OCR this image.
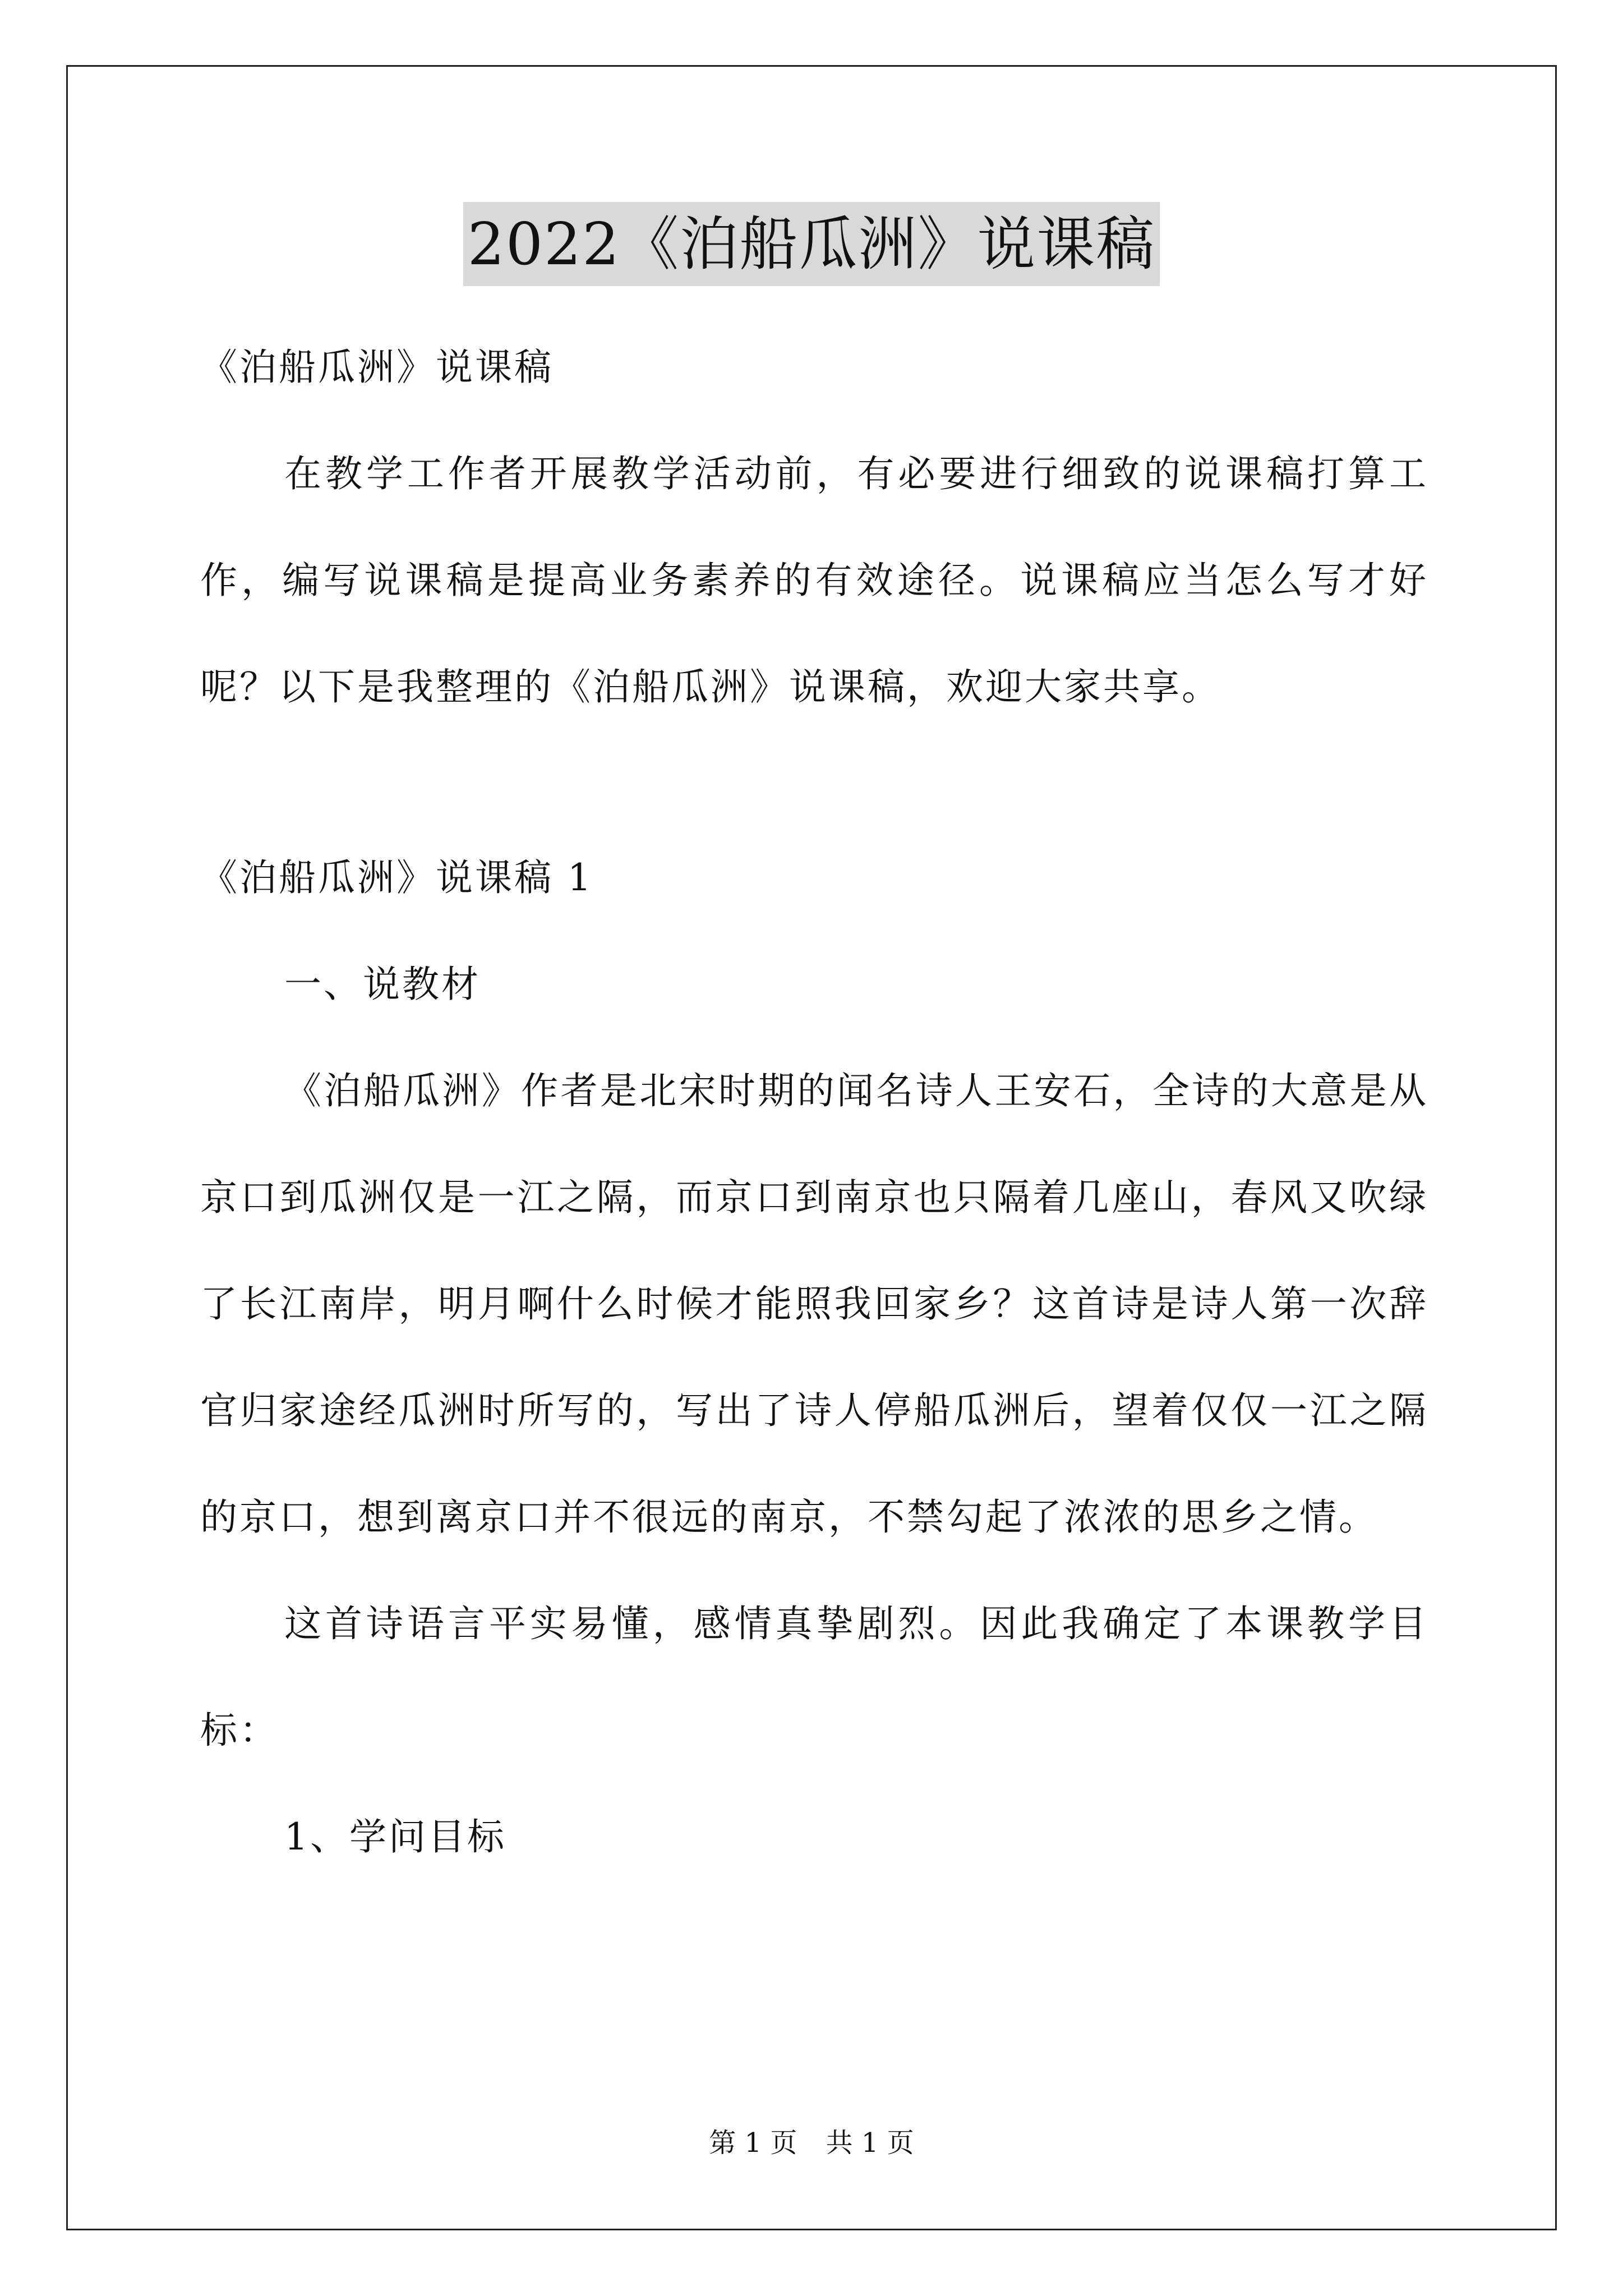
2022《泊船瓜洲》说课稿

《泊船瓜洲》说课稿

在教学工作者开展教学活动前，有必要进行细致的说课稿打算工作，编写说课稿是提高业务素养的有效途径。说课稿应当怎么写才好呢？以下是我整理的《泊船瓜洲》说课稿，欢迎大家共享。

《泊船瓜洲》说课稿 1

一、说教材

《泊船瓜洲》作者是北宋时期的闻名诗人王安石，全诗的大意是从京口到瓜洲仅是一江之隔，而京口到南京也只隔着几座山，春风又吹绿了长江南岸，明月啊什么时候才能照我回家乡？这首诗是诗人第一次辞官归家途经瓜洲时所写的，写出了诗人停船瓜洲后，望着仅仅一江之隔的京口，想到离京口并不很远的南京，不禁勾起了浓浓的思乡之情。

这首诗语言平实易懂，感情真挚剧烈。因此我确定了本课教学目标：

1、学问目标

第 1 页 共 1 页
